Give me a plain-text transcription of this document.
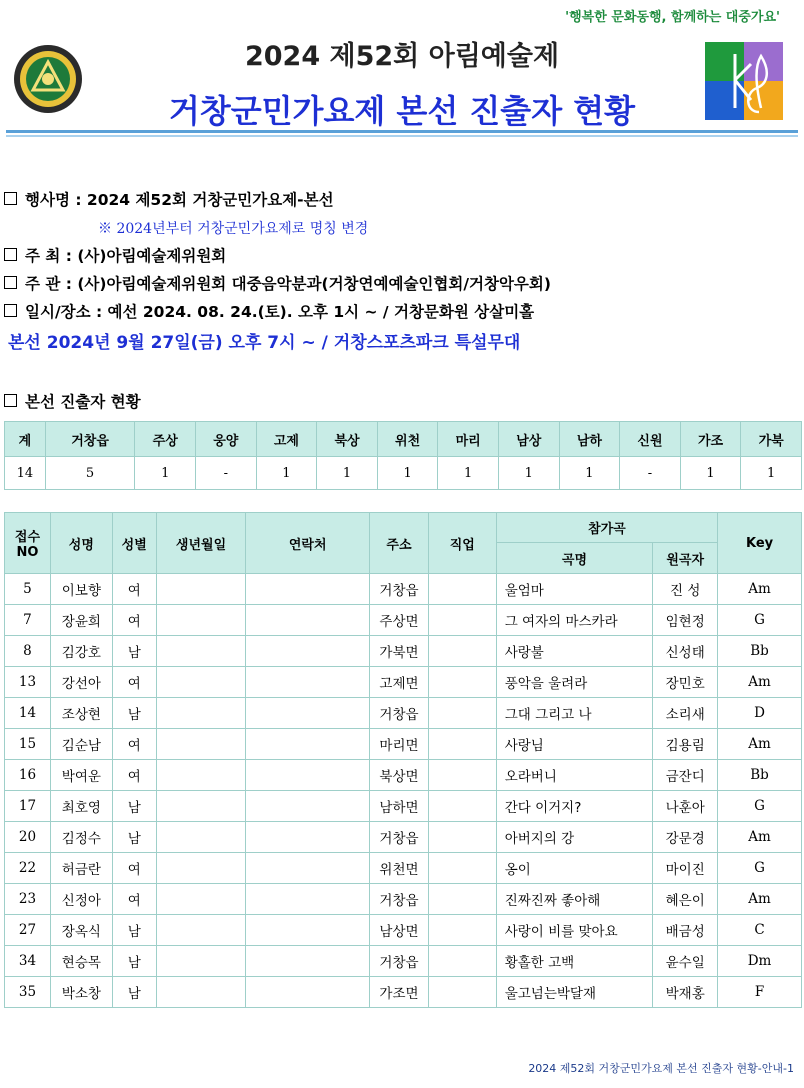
'행복한 문화동행, 함께하는 대중가요'
2024 제52회 아림예술제
거창군민가요제 본선 진출자 현황
행사명 : 2024 제52회 거창군민가요제-본선
※ 2024년부터 거창군민가요제로 명칭 변경
주 최 : (사)아림예술제위원회
주 관 : (사)아림예술제위원회 대중음악분과(거창연예예술인협회/거창악우회)
일시/장소 : 예선 2024. 08. 24.(토). 오후 1시 ~ / 거창문화원 상살미홀
본선 2024년 9월 27일(금) 오후 7시 ~ / 거창스포츠파크 특설무대
본선 진출자 현황
계	거창읍	주상	웅양	고제	북상	위천	마리	남상	남하	신원	가조	가북
14	5	1	-	1	1	1	1	1	1	-	1	1
접수 NO	성명	성별	생년월일	연락처	주소	직업	참가곡		Key
							곡명	원곡자	
5	이보향	여			거창읍		울엄마	진 성	Am
7	장윤희	여			주상면		그 여자의 마스카라	임현정	G
8	김강호	남			가북면		사랑불	신성태	Bb
13	강선아	여			고제면		풍악을 울려라	장민호	Am
14	조상현	남			거창읍		그대 그리고 나	소리새	D
15	김순남	여			마리면		사랑님	김용림	Am
16	박여운	여			북상면		오라버니	금잔디	Bb
17	최호영	남			남하면		간다 이거지?	나훈아	G
20	김정수	남			거창읍		아버지의 강	강문경	Am
22	허금란	여			위천면		옹이	마이진	G
23	신정아	여			거창읍		진짜진짜 좋아해	혜은이	Am
27	장옥식	남			남상면		사랑이 비를 맞아요	배금성	C
34	현승목	남			거창읍		황홀한 고백	윤수일	Dm
35	박소창	남			가조면		울고넘는박달재	박재홍	F
2024 제52회 거창군민가요제 본선 진출자 현황-안내-1
